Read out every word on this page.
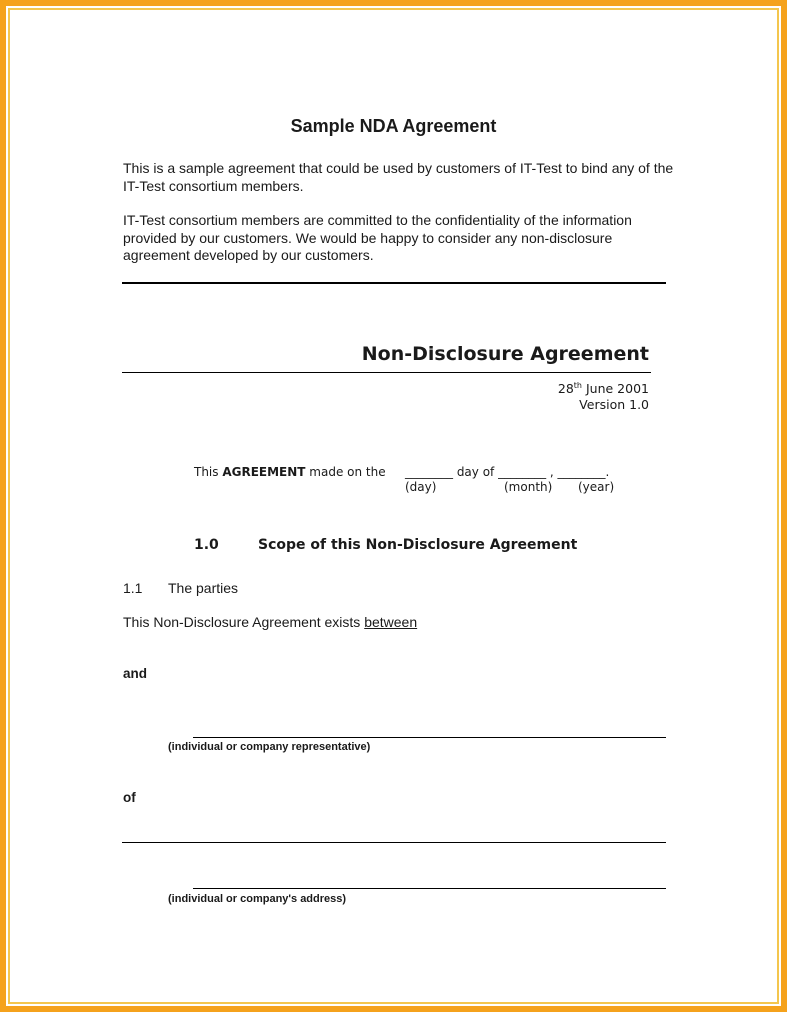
Sample NDA Agreement
This is a sample agreement that could be used by customers of IT-Test to bind any of the IT-Test consortium members.
IT-Test consortium members are committed to the confidentiality of the information provided by our customers. We would be happy to consider any non-disclosure agreement developed by our customers.
Non-Disclosure Agreement
28th June 2001
Version 1.0
This AGREEMENT made on the ________ day of ________ , ________.
(day)	(month) (year)
1.0	Scope of this Non-Disclosure Agreement
1.1 The parties
This Non-Disclosure Agreement exists between
and
(individual or company representative)
of
(individual or company's address)
